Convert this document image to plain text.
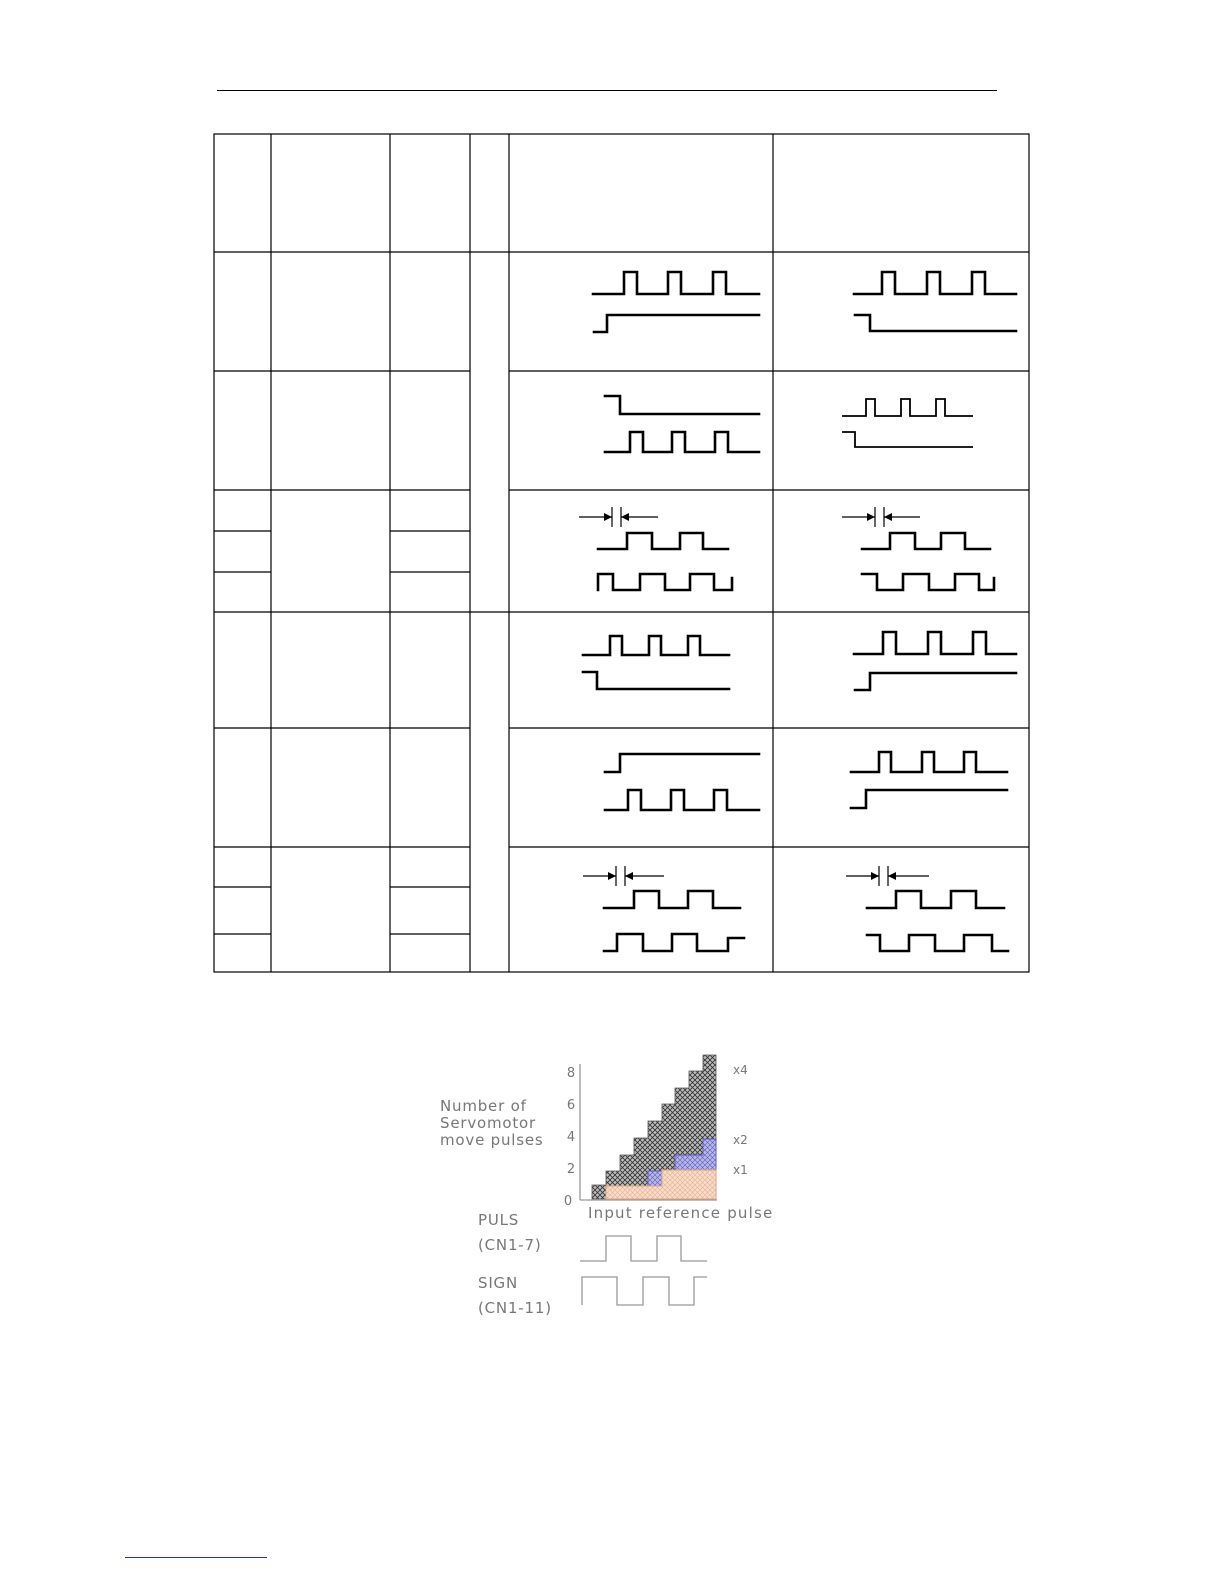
0
2
4
6
8	x4
x2
x1
Number of
Servomotor
move pulses
Input reference pulse
PULS
(CN1-7)
SIGN
(CN1-11)
